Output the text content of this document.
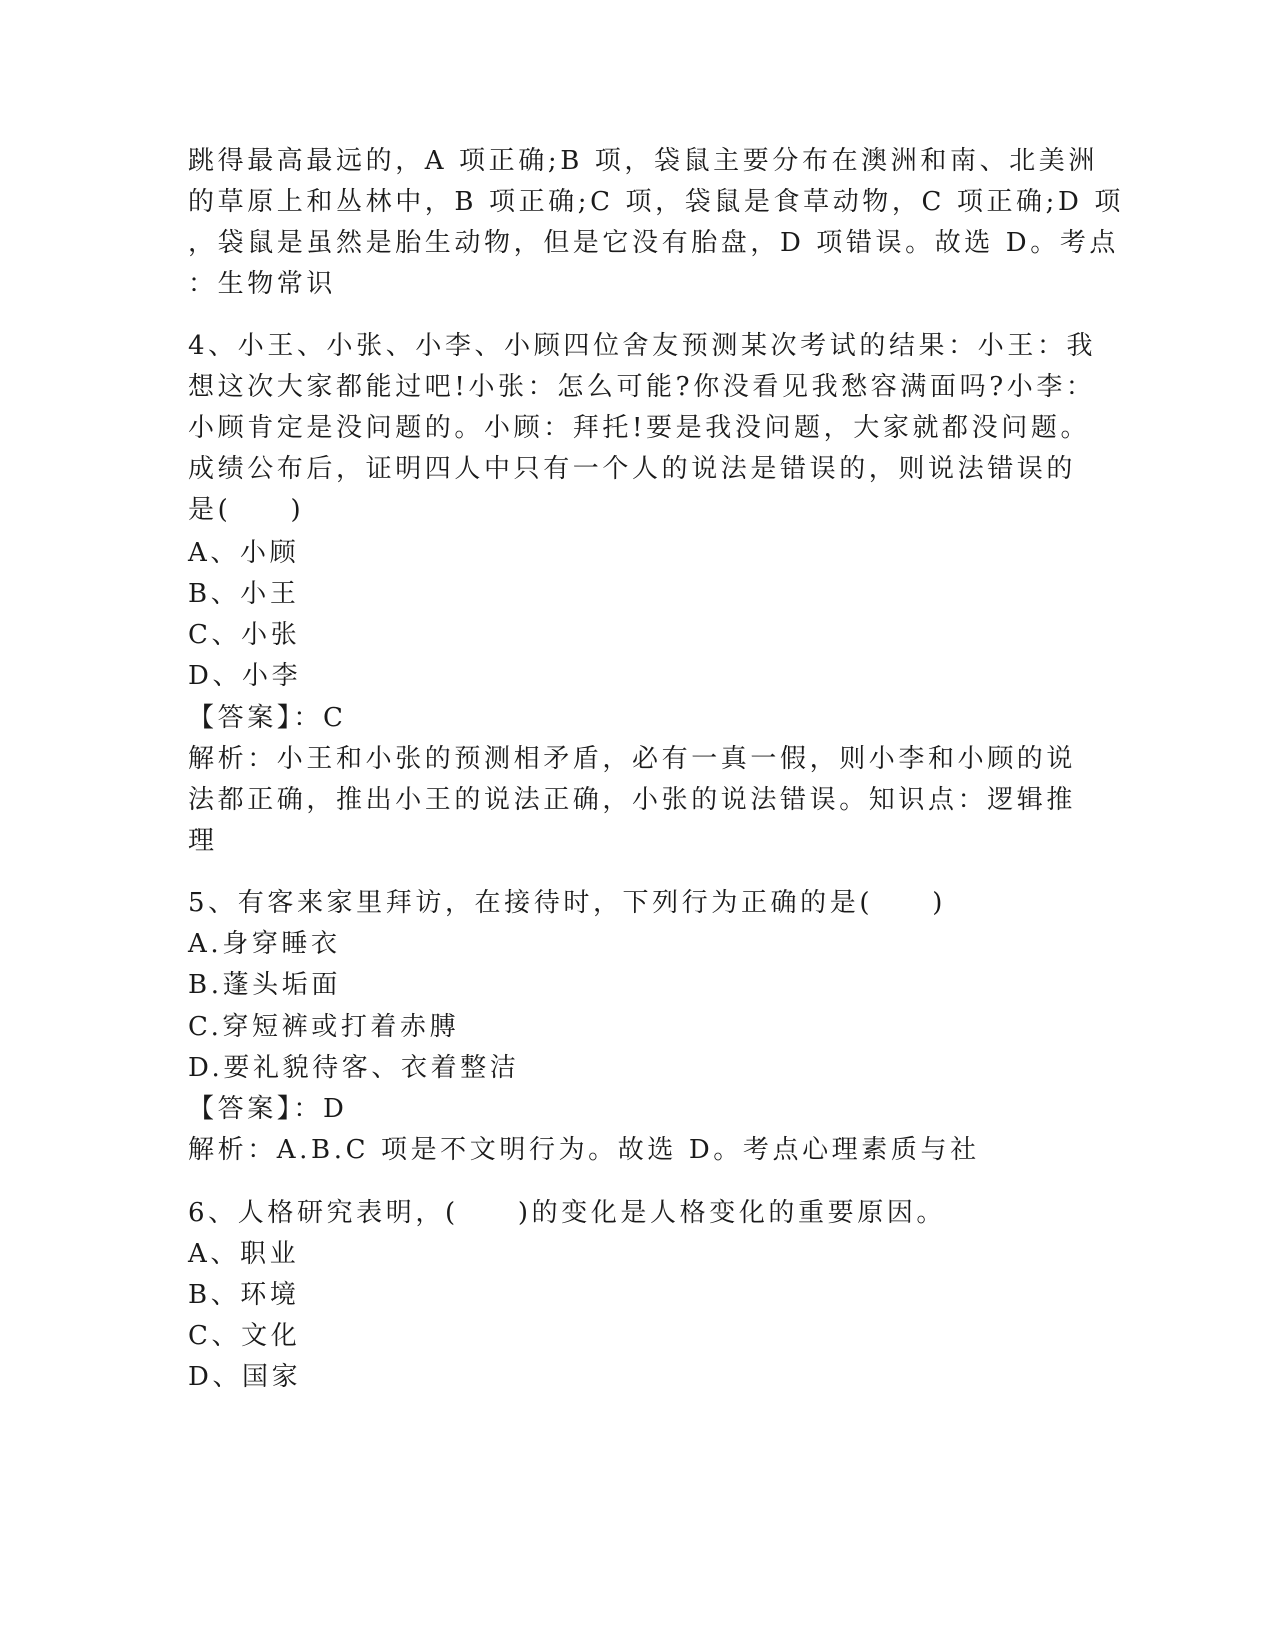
跳得最高最远的，A 项正确;B 项，袋鼠主要分布在澳洲和南、北美洲
的草原上和丛林中，B 项正确;C 项，袋鼠是食草动物，C 项正确;D 项
，袋鼠是虽然是胎生动物，但是它没有胎盘，D 项错误。故选 D。考点
：生物常识
4、小王、小张、小李、小顾四位舍友预测某次考试的结果：小王：我
想这次大家都能过吧!小张：怎么可能?你没看见我愁容满面吗?小李：
小顾肯定是没问题的。小顾：拜托!要是我没问题，大家就都没问题。
成绩公布后，证明四人中只有一个人的说法是错误的，则说法错误的
是(　　)
A、小顾
B、小王
C、小张
D、小李
【答案】：C
解析：小王和小张的预测相矛盾，必有一真一假，则小李和小顾的说
法都正确，推出小王的说法正确，小张的说法错误。知识点：逻辑推
理
5、有客来家里拜访，在接待时，下列行为正确的是(　　)
A.身穿睡衣
B.蓬头垢面
C.穿短裤或打着赤膊
D.要礼貌待客、衣着整洁
【答案】：D
解析：A.B.C 项是不文明行为。故选 D。考点心理素质与社
6、人格研究表明，(　　)的变化是人格变化的重要原因。
A、职业
B、环境
C、文化
D、国家
